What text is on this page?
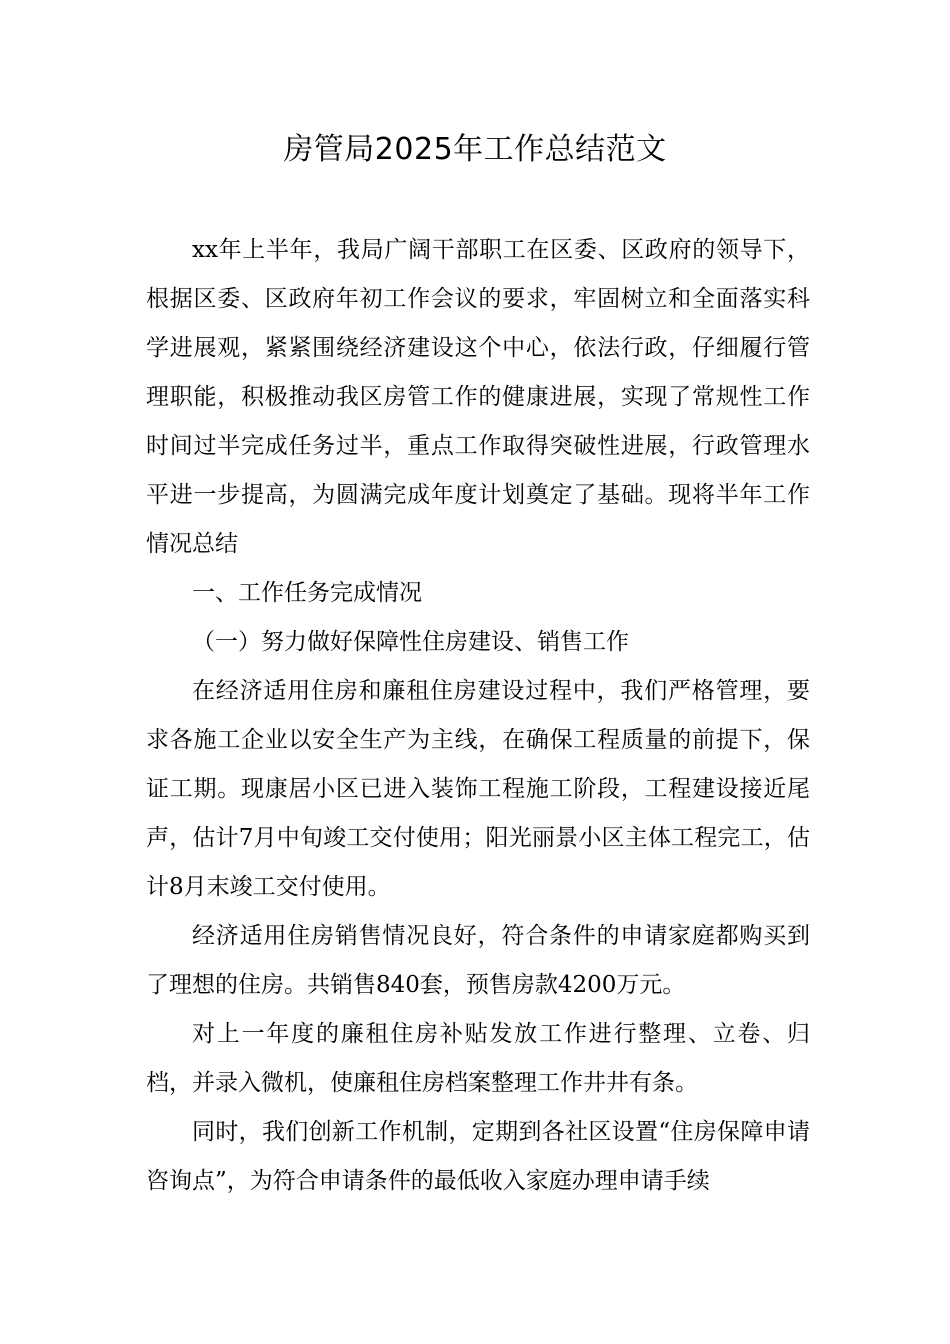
房管局2025年工作总结范文

xx年上半年，我局广阔干部职工在区委、区政府的领导下，根据区委、区政府年初工作会议的要求，牢固树立和全面落实科学进展观，紧紧围绕经济建设这个中心，依法行政，仔细履行管理职能，积极推动我区房管工作的健康进展，实现了常规性工作时间过半完成任务过半，重点工作取得突破性进展，行政管理水平进一步提高，为圆满完成年度计划奠定了基础。现将半年工作情况总结

一、工作任务完成情况

（一）努力做好保障性住房建设、销售工作

在经济适用住房和廉租住房建设过程中，我们严格管理，要求各施工企业以安全生产为主线，在确保工程质量的前提下，保证工期。现康居小区已进入装饰工程施工阶段，工程建设接近尾声，估计7月中旬竣工交付使用；阳光丽景小区主体工程完工，估计8月末竣工交付使用。

经济适用住房销售情况良好，符合条件的申请家庭都购买到了理想的住房。共销售840套，预售房款4200万元。

对上一年度的廉租住房补贴发放工作进行整理、立卷、归档，并录入微机，使廉租住房档案整理工作井井有条。

同时，我们创新工作机制，定期到各社区设置“住房保障申请咨询点”，为符合申请条件的最低收入家庭办理申请手续
